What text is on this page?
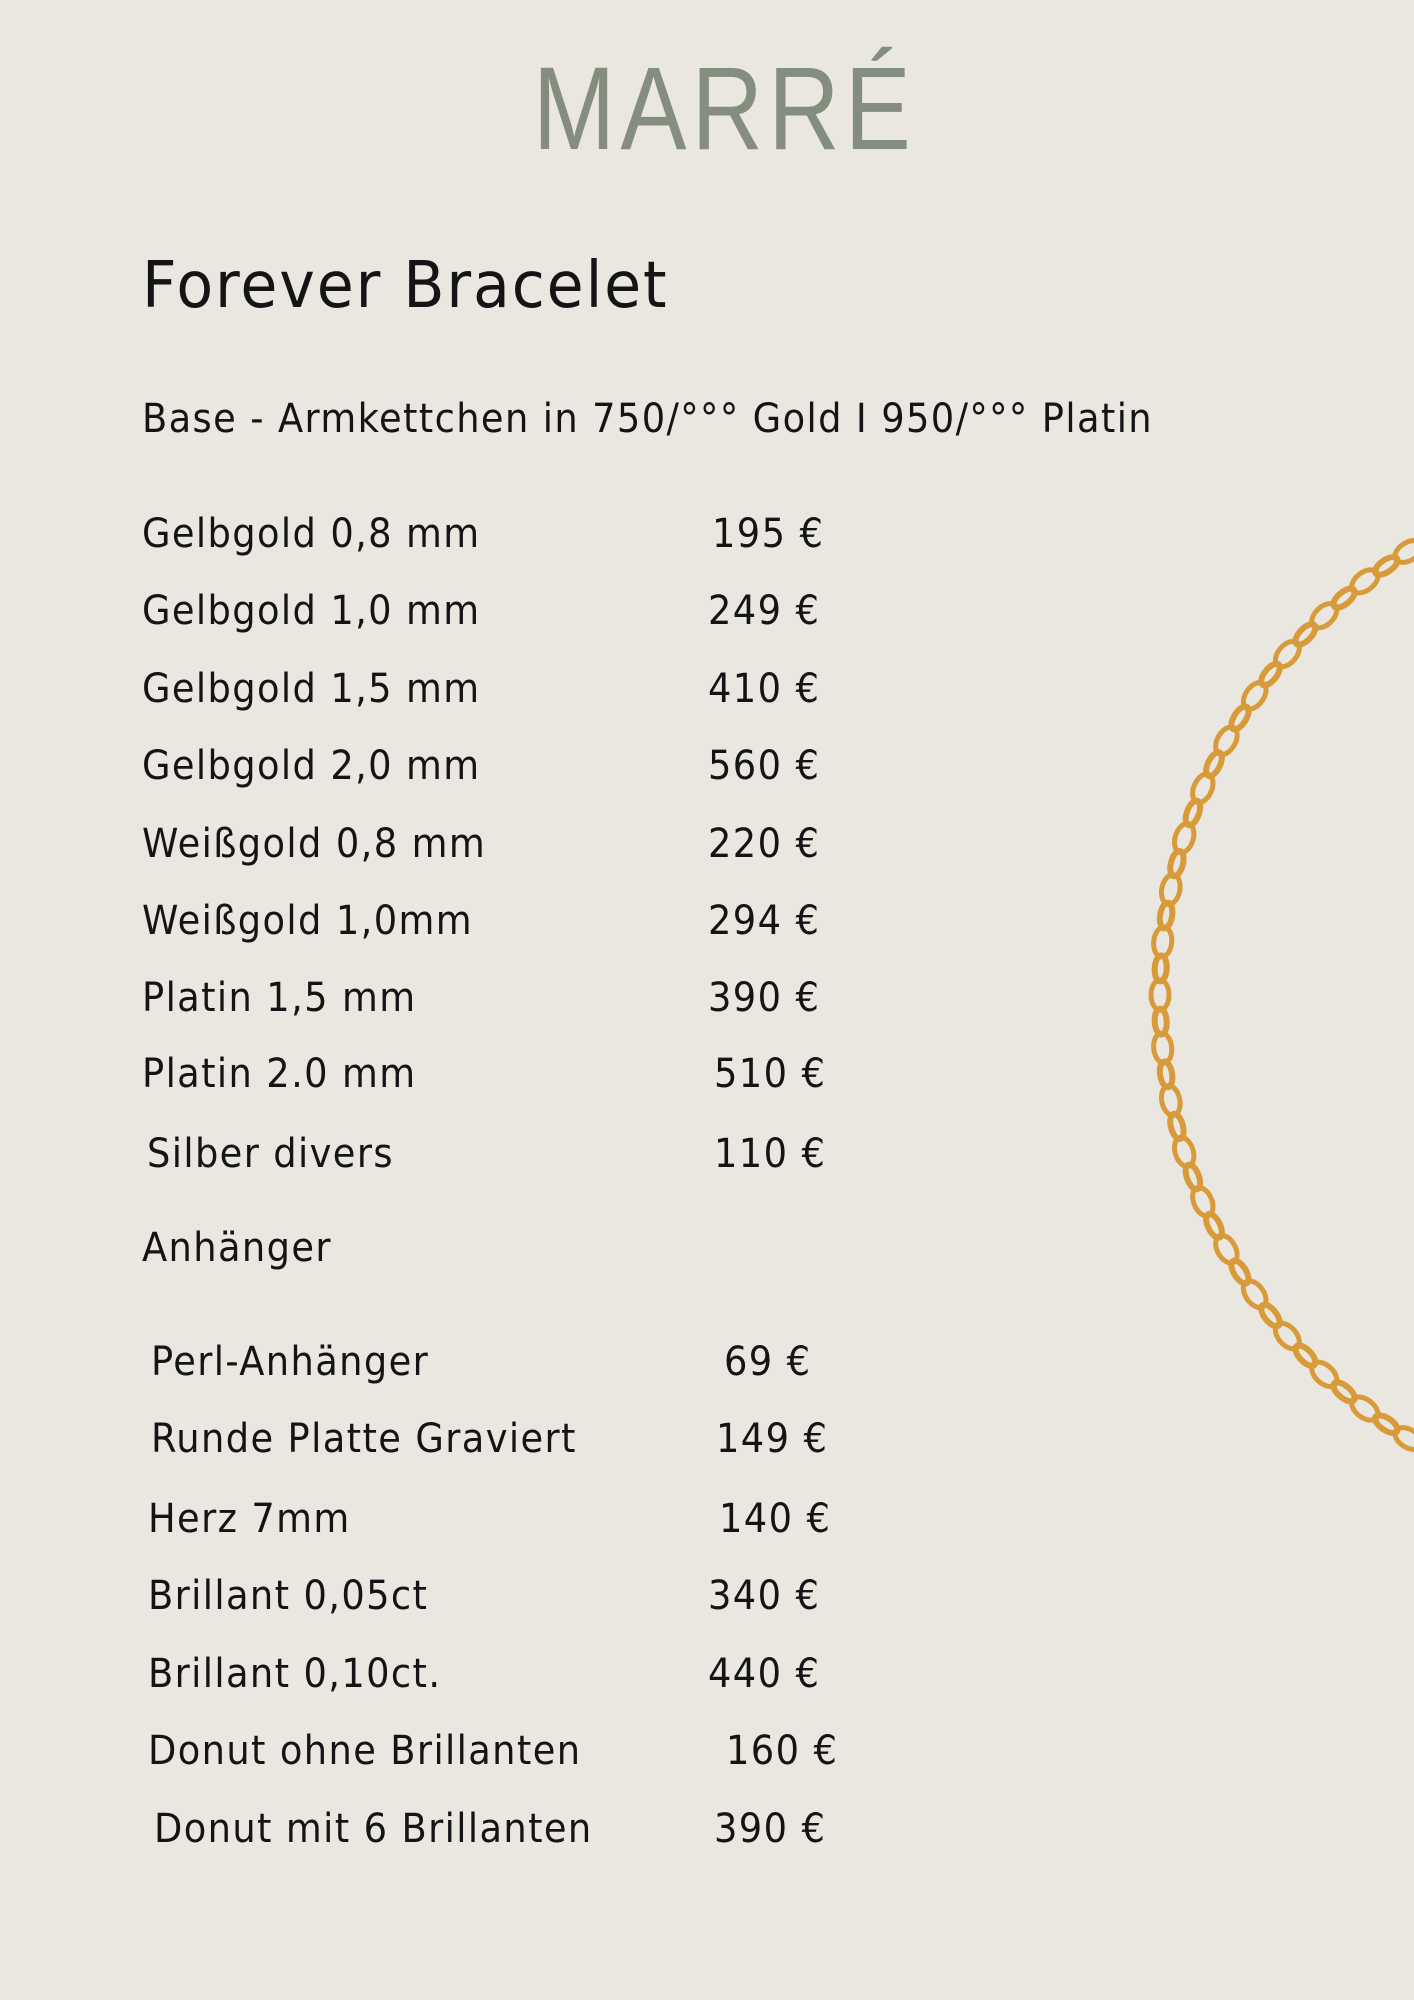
MARRÉ
Forever Bracelet
Base - Armkettchen in 750/°°° Gold I 950/°°° Platin
Gelbgold 0,8 mm	195 €
Gelbgold 1,0 mm	249 €
Gelbgold 1,5 mm	410 €
Gelbgold 2,0 mm	560 €
Weißgold 0,8 mm	220 €
Weißgold 1,0mm	294 €
Platin 1,5 mm	390 €
Platin 2.0 mm	510 €
Silber divers	110 €
Anhänger
Perl-Anhänger	69 €
Runde Platte Graviert	149 €
Herz 7mm	140 €
Brillant 0,05ct	340 €
Brillant 0,10ct.	440 €
Donut ohne Brillanten	160 €
Donut mit 6 Brillanten	390 €
